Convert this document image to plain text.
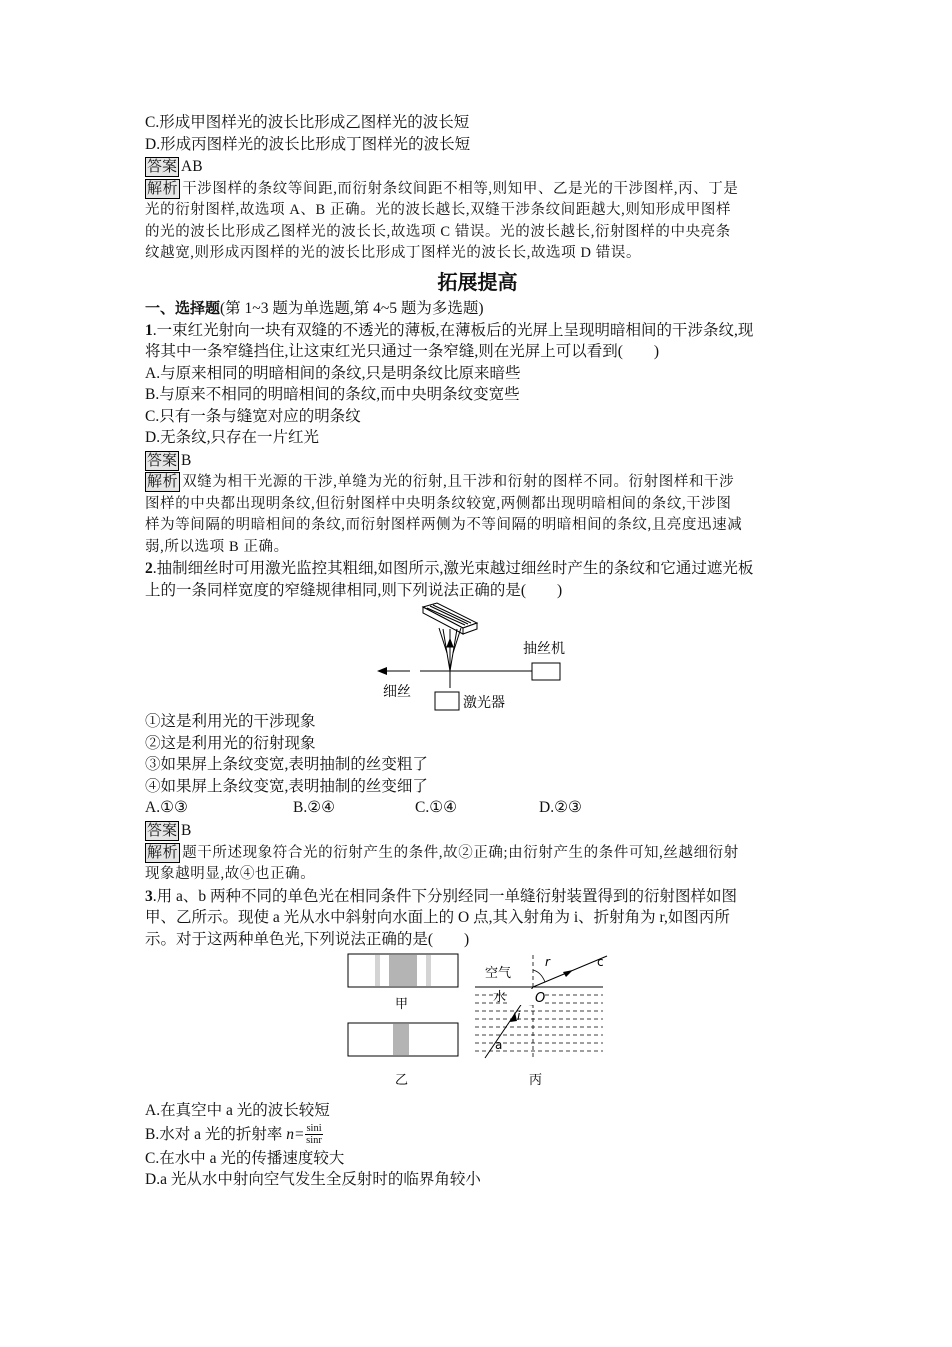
C.形成甲图样光的波长比形成乙图样光的波长短
D.形成丙图样光的波长比形成丁图样光的波长短
答案 AB
解析 干涉图样的条纹等间距,而衍射条纹间距不相等,则知甲、乙是光的干涉图样,丙、丁是
光的衍射图样,故选项 A、B 正确。光的波长越长,双缝干涉条纹间距越大,则知形成甲图样
的光的波长比形成乙图样光的波长长,故选项 C 错误。光的波长越长,衍射图样的中央亮条
纹越宽,则形成丙图样的光的波长比形成丁图样光的波长长,故选项 D 错误。
拓展提高
一、选择题(第 1~3 题为单选题,第 4~5 题为多选题)
1.一束红光射向一块有双缝的不透光的薄板,在薄板后的光屏上呈现明暗相间的干涉条纹,现
将其中一条窄缝挡住,让这束红光只通过一条窄缝,则在光屏上可以看到(　　)
A.与原来相同的明暗相间的条纹,只是明条纹比原来暗些
B.与原来不相同的明暗相间的条纹,而中央明条纹变宽些
C.只有一条与缝宽对应的明条纹
D.无条纹,只存在一片红光
答案 B
解析 双缝为相干光源的干涉,单缝为光的衍射,且干涉和衍射的图样不同。衍射图样和干涉
图样的中央都出现明条纹,但衍射图样中央明条纹较宽,两侧都出现明暗相间的条纹,干涉图
样为等间隔的明暗相间的条纹,而衍射图样两侧为不等间隔的明暗相间的条纹,且亮度迅速减
弱,所以选项 B 正确。
2.抽制细丝时可用激光监控其粗细,如图所示,激光束越过细丝时产生的条纹和它通过遮光板
上的一条同样宽度的窄缝规律相同,则下列说法正确的是(　　)
抽丝机
细丝
激光器
①这是利用光的干涉现象
②这是利用光的衍射现象
③如果屏上条纹变宽,表明抽制的丝变粗了
④如果屏上条纹变宽,表明抽制的丝变细了
A.①③	B.②④	C.①④	D.②③
答案 B
解析 题干所述现象符合光的衍射产生的条件,故②正确;由衍射产生的条件可知,丝越细衍射
现象越明显,故④也正确。
3.用 a、b 两种不同的单色光在相同条件下分别经同一单缝衍射装置得到的衍射图样如图
甲、乙所示。现使 a 光从水中斜射向水面上的 O 点,其入射角为 i、折射角为 r,如图丙所
示。对于这两种单色光,下列说法正确的是(　　)
甲
乙
空气
水 O
r
i
a
c
丙
A.在真空中 a 光的波长较短
B.水对 a 光的折射率 $n= \frac{\sin i}{\sin r}$
C.在水中 a 光的传播速度较大
D.a 光从水中射向空气发生全反射时的临界角较小
